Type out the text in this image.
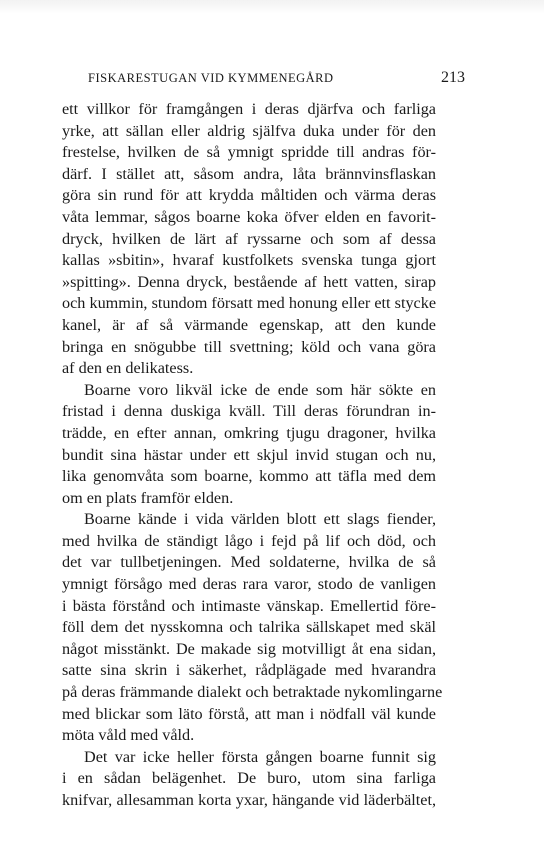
FISKARESTUGAN VID KYMMENEGÅRD	213
ett villkor för framgången i deras djärfva och farliga
yrke, att sällan eller aldrig själfva duka under för den
frestelse, hvilken de så ymnigt spridde till andras för-
därf. I stället att, såsom andra, låta brännvinsflaskan
göra sin rund för att krydda måltiden och värma deras
våta lemmar, sågos boarne koka öfver elden en favorit-
dryck, hvilken de lärt af ryssarne och som af dessa
kallas »sbitin», hvaraf kustfolkets svenska tunga gjort
»spitting». Denna dryck, bestående af hett vatten, sirap
och kummin, stundom försatt med honung eller ett stycke
kanel, är af så värmande egenskap, att den kunde
bringa en snögubbe till svettning; köld och vana göra
af den en delikatess.
Boarne voro likväl icke de ende som här sökte en
fristad i denna duskiga kväll. Till deras förundran in-
trädde, en efter annan, omkring tjugu dragoner, hvilka
bundit sina hästar under ett skjul invid stugan och nu,
lika genomvåta som boarne, kommo att täfla med dem
om en plats framför elden.
Boarne kände i vida världen blott ett slags fiender,
med hvilka de ständigt lågo i fejd på lif och död, och
det var tullbetjeningen. Med soldaterne, hvilka de så
ymnigt försågo med deras rara varor, stodo de vanligen
i bästa förstånd och intimaste vänskap. Emellertid före-
föll dem det nysskomna och talrika sällskapet med skäl
något misstänkt. De makade sig motvilligt åt ena sidan,
satte sina skrin i säkerhet, rådplägade med hvarandra
på deras främmande dialekt och betraktade nykomlingarne
med blickar som läto förstå, att man i nödfall väl kunde
möta våld med våld.
Det var icke heller första gången boarne funnit sig
i en sådan belägenhet. De buro, utom sina farliga
knifvar, allesamman korta yxar, hängande vid läderbältet,
